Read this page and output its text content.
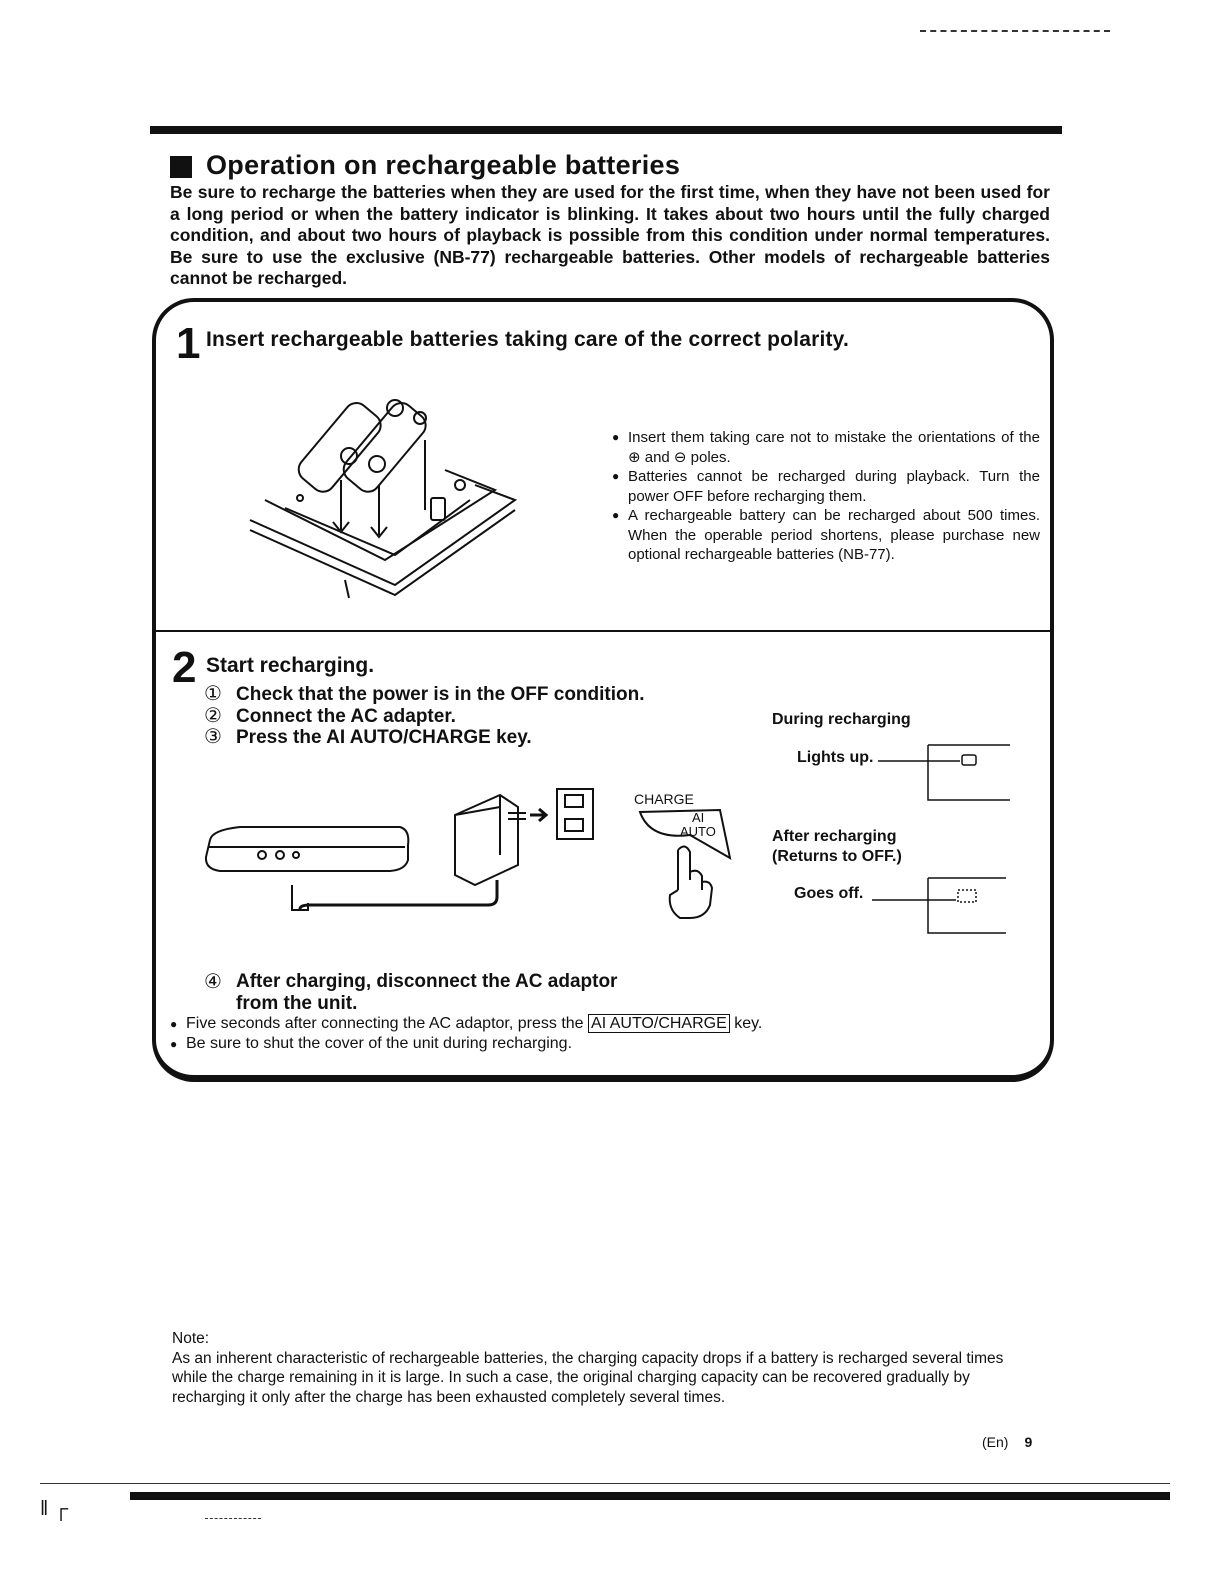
Operation on rechargeable batteries
Be sure to recharge the batteries when they are used for the first time, when they have not been used for a long period or when the battery indicator is blinking. It takes about two hours until the fully charged condition, and about two hours of playback is possible from this condition under normal temperatures. Be sure to use the exclusive (NB-77) rechargeable batteries. Other models of rechargeable batteries cannot be recharged.
1 Insert rechargeable batteries taking care of the correct polarity.
● Insert them taking care not to mistake the orientations of the ⊕ and ⊖ poles.
● Batteries cannot be recharged during playback. Turn the power OFF before recharging them.
● A rechargeable battery can be recharged about 500 times. When the operable period shortens, please purchase new optional rechargeable batteries (NB-77).
2 Start recharging.
① Check that the power is in the OFF condition.
② Connect the AC adapter.
③ Press the AI AUTO/CHARGE key.
CHARGE
AI
AUTO
During recharging
Lights up.
After recharging
(Returns to OFF.)
Goes off.
④ After charging, disconnect the AC adaptor
from the unit.
● Five seconds after connecting the AC adaptor, press the AI AUTO/CHARGE key.
● Be sure to shut the cover of the unit during recharging.
Note:
As an inherent characteristic of rechargeable batteries, the charging capacity drops if a battery is recharged several times while the charge remaining in it is large. In such a case, the original charging capacity can be recovered gradually by recharging it only after the charge has been exhausted completely several times.
(En) 9
‖ ┌
